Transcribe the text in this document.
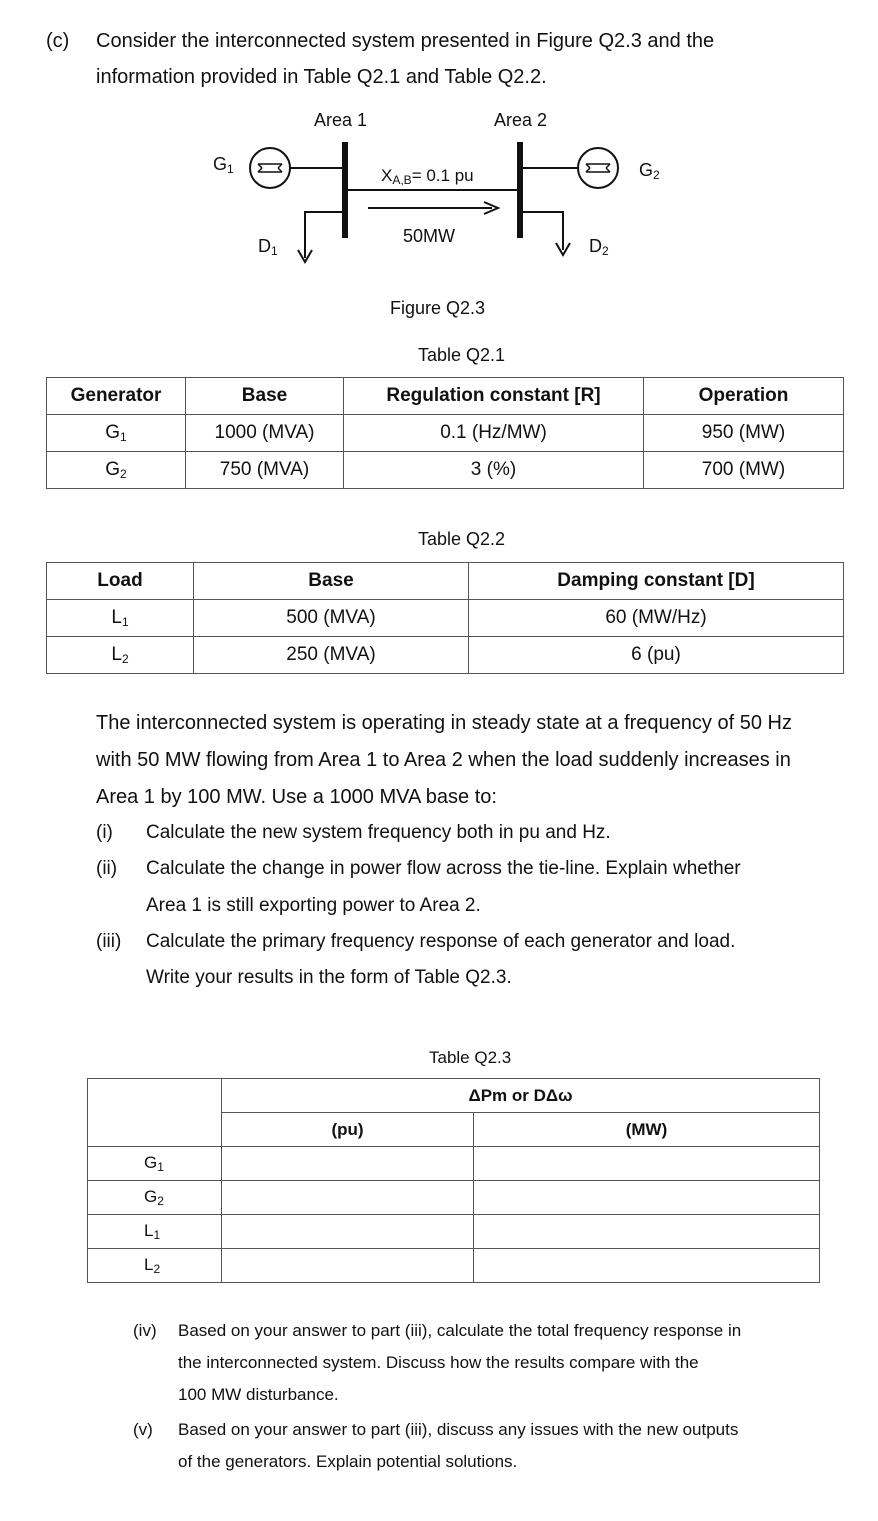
(c) Consider the interconnected system presented in Figure Q2.3 and the
information provided in Table Q2.1 and Table Q2.2.
Area 1	Area 2
$G_1$	$G_2$
$D_1$	$D_2$
$X_{A,B}= 0.1$ pu
50MW
Figure Q2.3
Table Q2.1
Generator	Base	Regulation constant [R]	Operation
$G_1$	1000 (MVA)	0.1 (Hz/MW)	950 (MW)
$G_2$	750 (MVA)	3 (%)	700 (MW)
Table Q2.2
Load	Base	Damping constant [D]
$L_1$	500 (MVA)	60 (MW/Hz)
$L_2$	250 (MVA)	6 (pu)
The interconnected system is operating in steady state at a frequency of 50 Hz
with 50 MW flowing from Area 1 to Area 2 when the load suddenly increases in
Area 1 by 100 MW. Use a 1000 MVA base to:
(i) Calculate the new system frequency both in pu and Hz.
(ii) Calculate the change in power flow across the tie-line. Explain whether
Area 1 is still exporting power to Area 2.
(iii) Calculate the primary frequency response of each generator and load.
Write your results in the form of Table Q2.3.
Table Q2.3
	ΔPm or DΔω	
	(pu)	(MW)
$G_1$		
$G_2$		
$L_1$		
$L_2$		
(iv) Based on your answer to part (iii), calculate the total frequency response in
the interconnected system. Discuss how the results compare with the
100 MW disturbance.
(v) Based on your answer to part (iii), discuss any issues with the new outputs
of the generators. Explain potential solutions.
